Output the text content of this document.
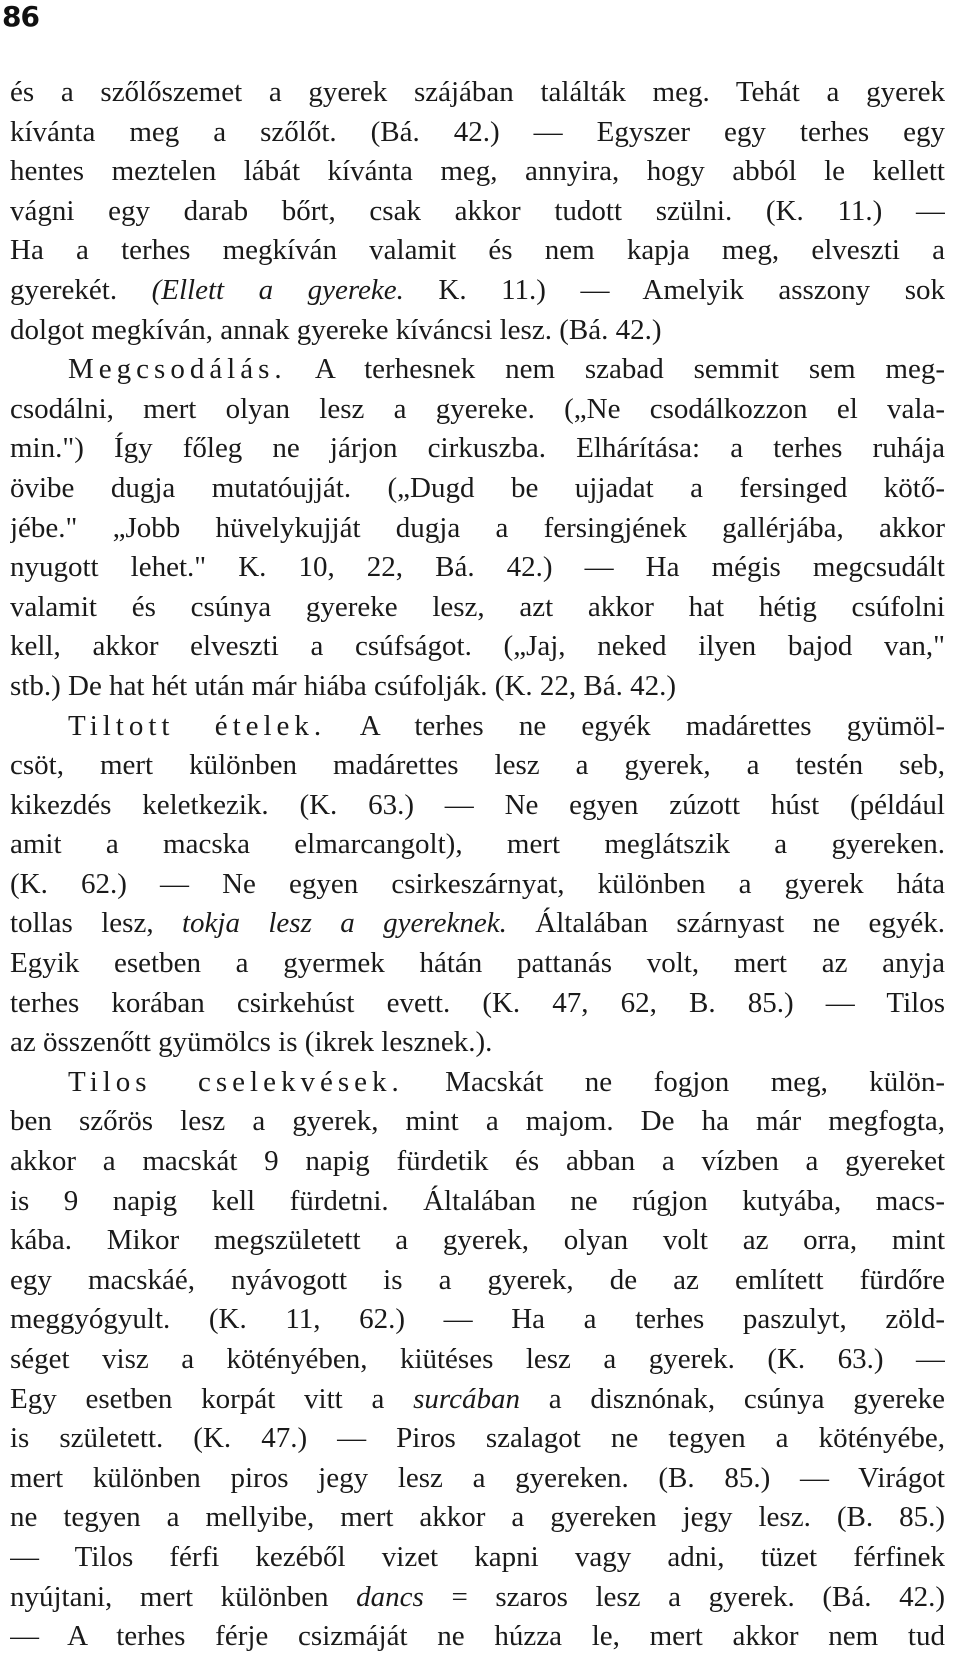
86
és a szőlőszemet a gyerek szájában találták meg. Tehát a gyerek
kívánta meg a szőlőt. (Bá. 42.) — Egyszer egy terhes egy
hentes meztelen lábát kívánta meg, annyira, hogy abból le kellett
vágni egy darab bőrt, csak akkor tudott szülni. (K. 11.) —
Ha a terhes megkíván valamit és nem kapja meg, elveszti a
gyerekét. (Ellett a gyereke. K. 11.) — Amelyik asszony sok
dolgot megkíván, annak gyereke kíváncsi lesz. (Bá. 42.)
Megcsodálás. A terhesnek nem szabad semmit sem meg-
csodálni, mert olyan lesz a gyereke. („Ne csodálkozzon el vala-
min.") Így főleg ne járjon cirkuszba. Elhárítása: a terhes ruhája
övibe dugja mutatóujját. („Dugd be ujjadat a fersinged kötő-
jébe." „Jobb hüvelykujját dugja a fersingjének gallérjába, akkor
nyugott lehet." K. 10, 22, Bá. 42.) — Ha mégis megcsudált
valamit és csúnya gyereke lesz, azt akkor hat hétig csúfolni
kell, akkor elveszti a csúfságot. („Jaj, neked ilyen bajod van,"
stb.) De hat hét után már hiába csúfolják. (K. 22, Bá. 42.)
Tiltott ételek. A terhes ne egyék madárettes gyümöl-
csöt, mert különben madárettes lesz a gyerek, a testén seb,
kikezdés keletkezik. (K. 63.) — Ne egyen zúzott húst (például
amit a macska elmarcangolt), mert meglátszik a gyereken.
(K. 62.) — Ne egyen csirkeszárnyat, különben a gyerek háta
tollas lesz, tokja lesz a gyereknek. Általában szárnyast ne egyék.
Egyik esetben a gyermek hátán pattanás volt, mert az anyja
terhes korában csirkehúst evett. (K. 47, 62, B. 85.) — Tilos
az összenőtt gyümölcs is (ikrek lesznek.).
Tilos cselekvések. Macskát ne fogjon meg, külön-
ben szőrös lesz a gyerek, mint a majom. De ha már megfogta,
akkor a macskát 9 napig fürdetik és abban a vízben a gyereket
is 9 napig kell fürdetni. Általában ne rúgjon kutyába, macs-
kába. Mikor megszületett a gyerek, olyan volt az orra, mint
egy macskáé, nyávogott is a gyerek, de az említett fürdőre
meggyógyult. (K. 11, 62.) — Ha a terhes paszulyt, zöld-
séget visz a kötényében, kiütéses lesz a gyerek. (K. 63.) —
Egy esetben korpát vitt a surcában a disznónak, csúnya gyereke
is született. (K. 47.) — Piros szalagot ne tegyen a kötényébe,
mert különben piros jegy lesz a gyereken. (B. 85.) — Virágot
ne tegyen a mellyibe, mert akkor a gyereken jegy lesz. (B. 85.)
— Tilos férfi kezéből vizet kapni vagy adni, tüzet férfinek
nyújtani, mert különben dancs = szaros lesz a gyerek. (Bá. 42.)
— A terhes férje csizmáját ne húzza le, mert akkor nem tud
